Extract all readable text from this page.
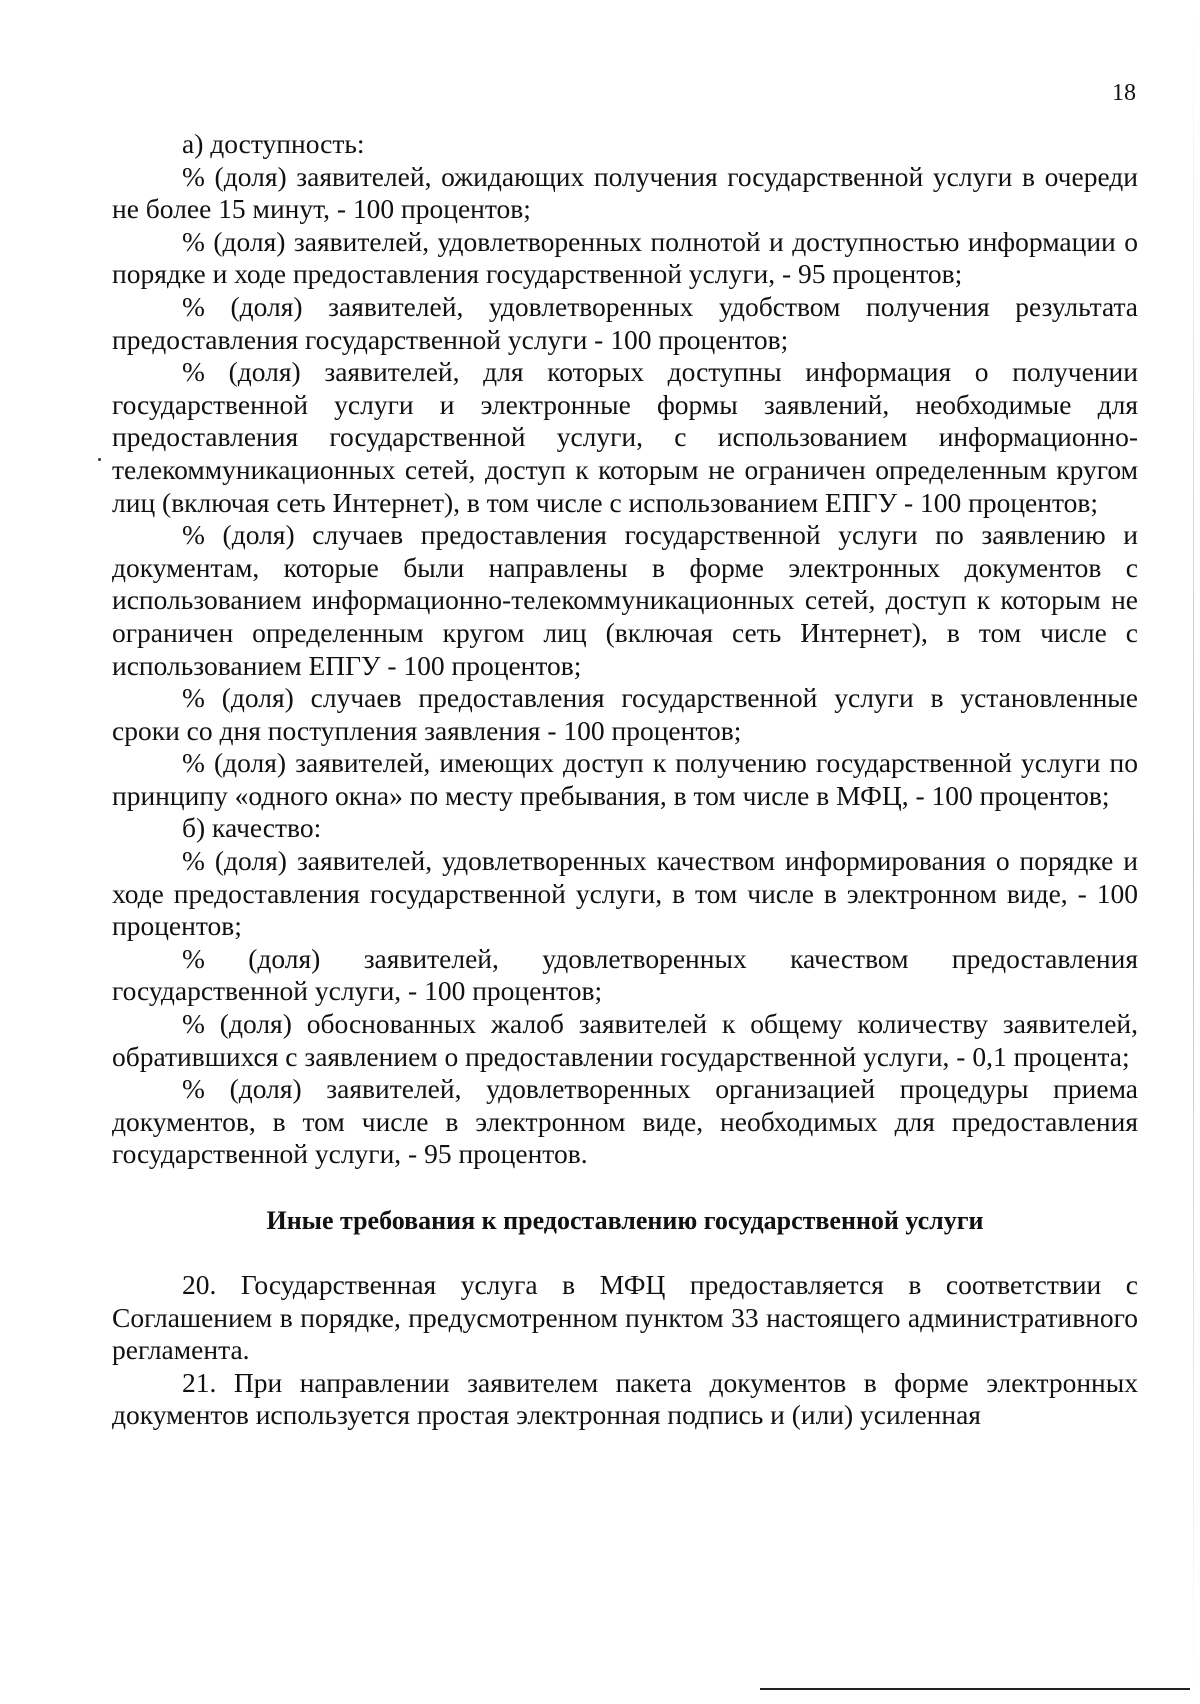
18

а) доступность:

% (доля) заявителей, ожидающих получения государственной услуги в очереди не более 15 минут, - 100 процентов;

% (доля) заявителей, удовлетворенных полнотой и доступностью информации о порядке и ходе предоставления государственной услуги, - 95 процентов;

% (доля) заявителей, удовлетворенных удобством получения результата предоставления государственной услуги - 100 процентов;

% (доля) заявителей, для которых доступны информация о получении государственной услуги и электронные формы заявлений, необходимые для предоставления государственной услуги, с использованием информационно-телекоммуникационных сетей, доступ к которым не ограничен определенным кругом лиц (включая сеть Интернет), в том числе с использованием ЕПГУ - 100 процентов;

% (доля) случаев предоставления государственной услуги по заявлению и документам, которые были направлены в форме электронных документов с использованием информационно-телекоммуникационных сетей, доступ к которым не ограничен определенным кругом лиц (включая сеть Интернет), в том числе с использованием ЕПГУ - 100 процентов;

% (доля) случаев предоставления государственной услуги в установленные сроки со дня поступления заявления - 100 процентов;

% (доля) заявителей, имеющих доступ к получению государственной услуги по принципу «одного окна» по месту пребывания, в том числе в МФЦ, - 100 процентов;

б) качество:

% (доля) заявителей, удовлетворенных качеством информирования о порядке и ходе предоставления государственной услуги, в том числе в электронном виде, - 100 процентов;

% (доля) заявителей, удовлетворенных качеством предоставления государственной услуги, - 100 процентов;

% (доля) обоснованных жалоб заявителей к общему количеству заявителей, обратившихся с заявлением о предоставлении государственной услуги, - 0,1 процента;

% (доля) заявителей, удовлетворенных организацией процедуры приема документов, в том числе в электронном виде, необходимых для предоставления государственной услуги, - 95 процентов.

Иные требования к предоставлению государственной услуги

20. Государственная услуга в МФЦ предоставляется в соответствии с Соглашением в порядке, предусмотренном пунктом 33 настоящего административного регламента.

21. При направлении заявителем пакета документов в форме электронных документов используется простая электронная подпись и (или) усиленная
